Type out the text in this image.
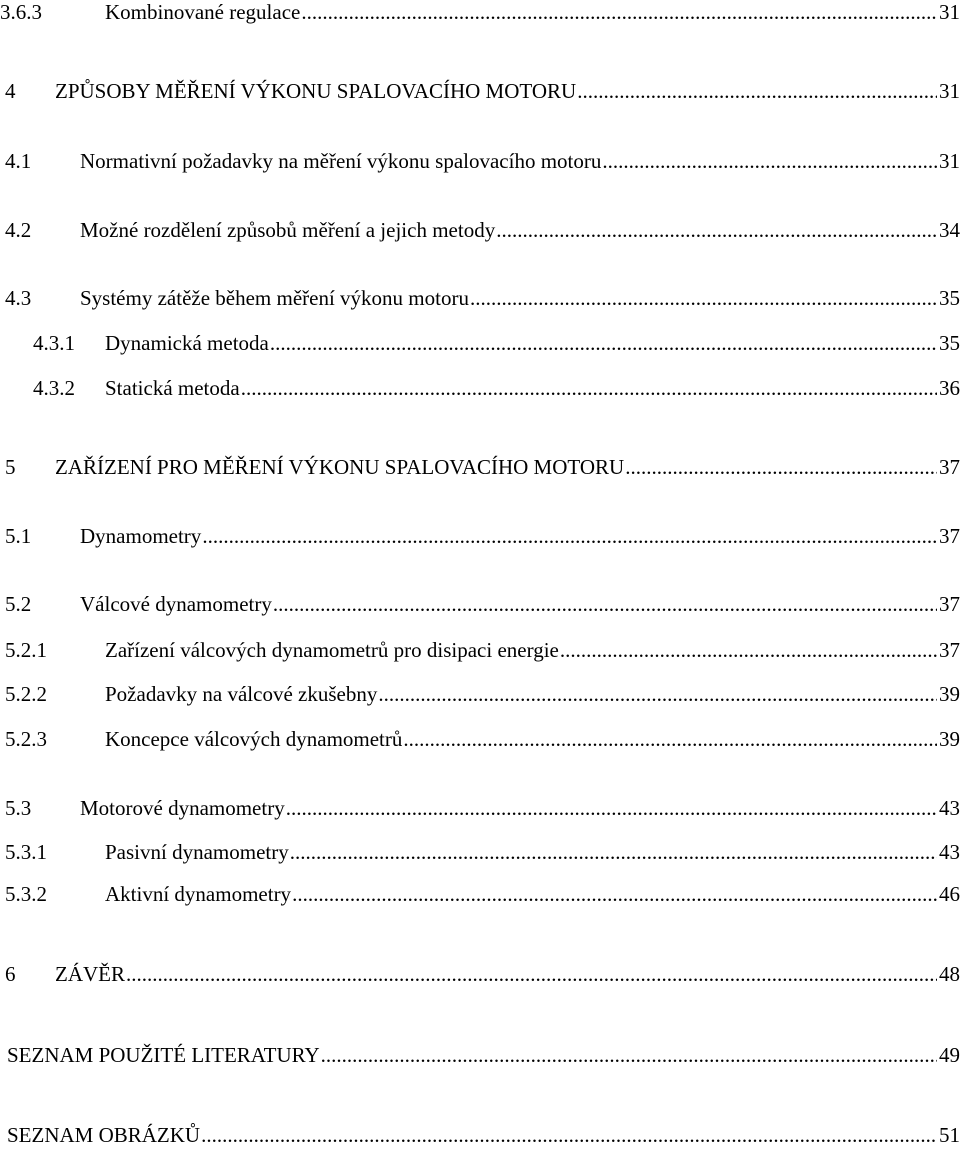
3.6.3	Kombinované regulace .....	31
4	ZPŮSOBY MĚŘENÍ VÝKONU SPALOVACÍHO MOTORU .....	31
4.1	Normativní požadavky na měření výkonu spalovacího motoru .....	31
4.2	Možné rozdělení způsobů měření a jejich metody .....	34
4.3	Systémy zátěže během měření výkonu motoru .....	35
4.3.1	Dynamická metoda .....	35
4.3.2	Statická metoda .....	36
5	ZAŘÍZENÍ PRO MĚŘENÍ VÝKONU SPALOVACÍHO MOTORU .....	37
5.1	Dynamometry .....	37
5.2	Válcové dynamometry .....	37
5.2.1	Zařízení válcových dynamometrů pro disipaci energie .....	37
5.2.2	Požadavky na válcové zkušebny .....	39
5.2.3	Koncepce válcových dynamometrů .....	39
5.3	Motorové dynamometry .....	43
5.3.1	Pasivní dynamometry .....	43
5.3.2	Aktivní dynamometry .....	46
6	ZÁVĚR .....	48
SEZNAM POUŽITÉ LITERATURY .....	49
SEZNAM OBRÁZKŮ .....	51
